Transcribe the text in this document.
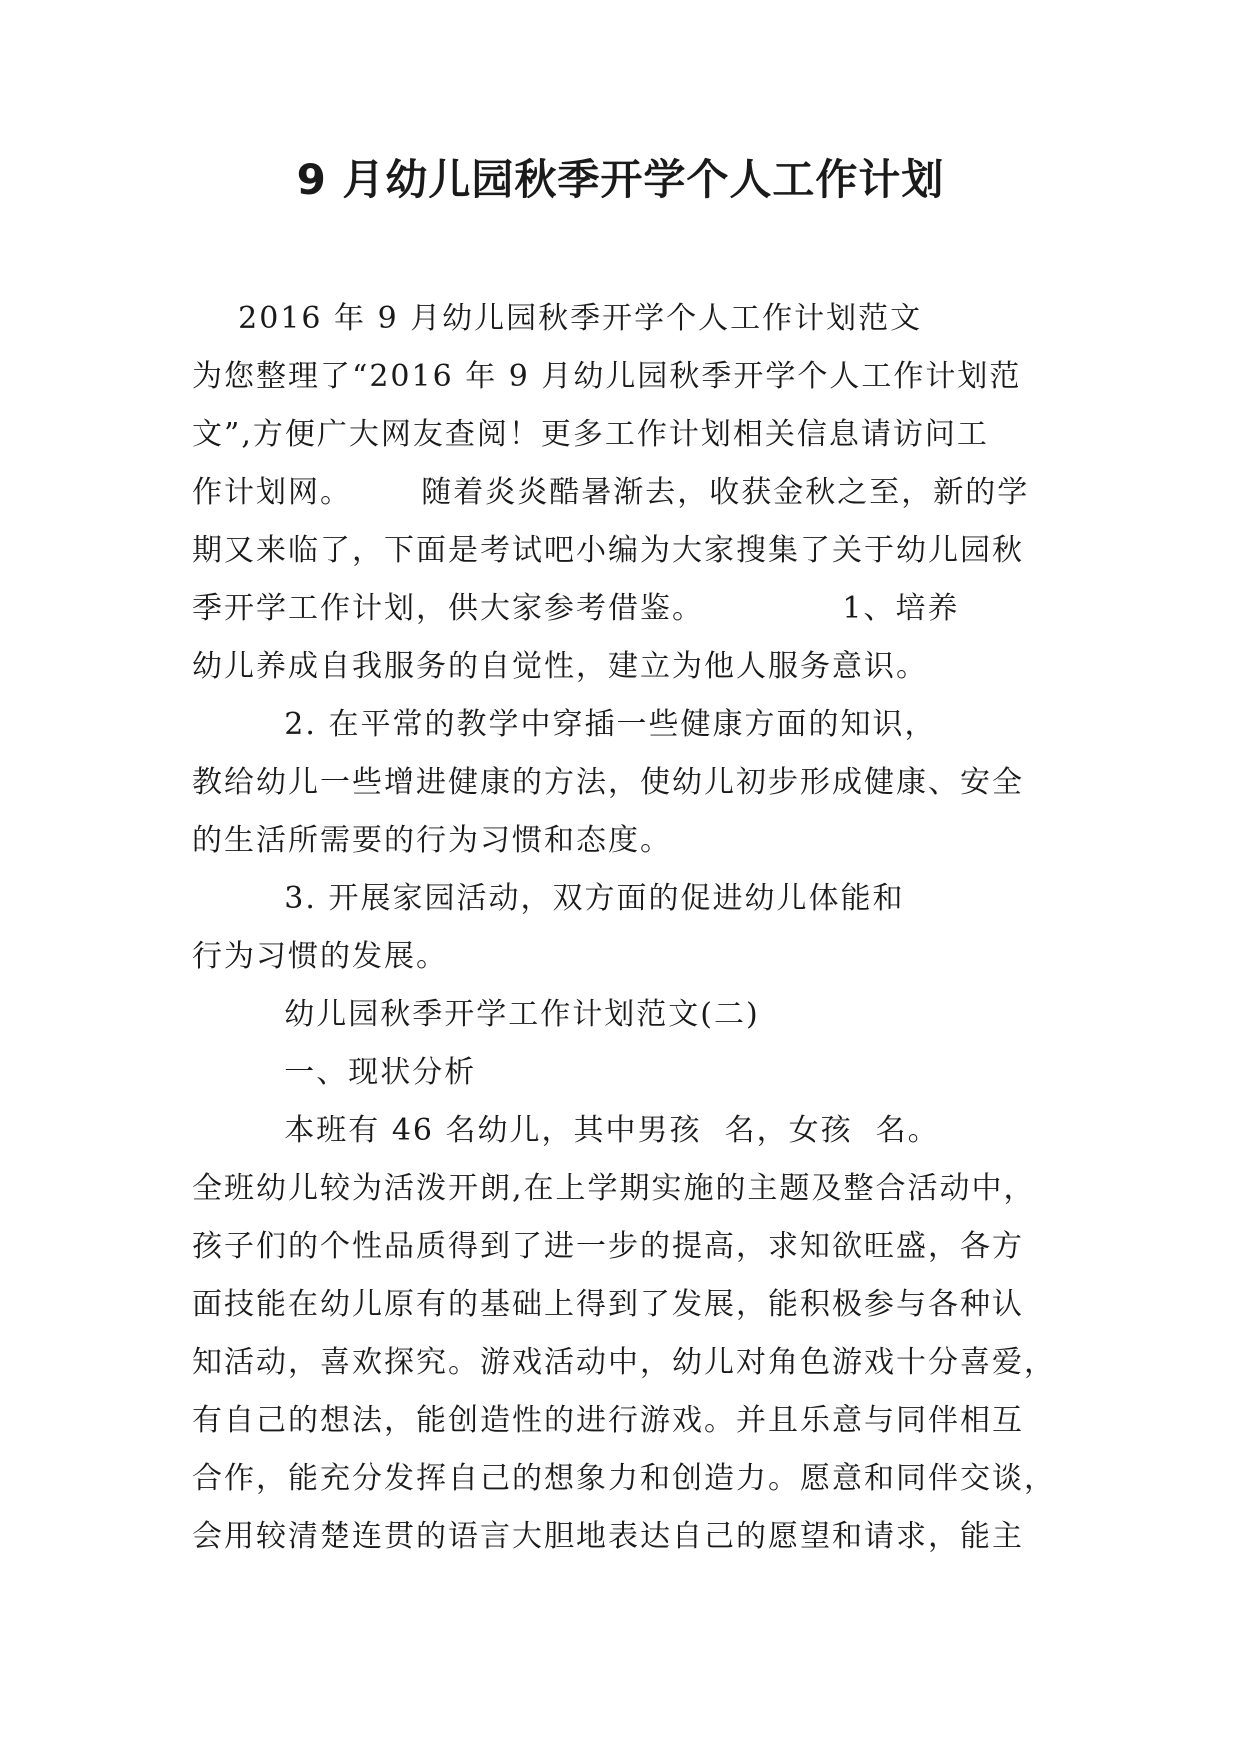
9 月幼儿园秋季开学个人工作计划
2016 年 9 月幼儿园秋季开学个人工作计划范文
为您整理了“2016 年 9 月幼儿园秋季开学个人工作计划范
文”,方便广大网友查阅！更多工作计划相关信息请访问工
作计划网。      随着炎炎酷暑渐去，收获金秋之至，新的学
期又来临了，下面是考试吧小编为大家搜集了关于幼儿园秋
季开学工作计划，供大家参考借鉴。            1、培养
幼儿养成自我服务的自觉性，建立为他人服务意识。
2. 在平常的教学中穿插一些健康方面的知识，
教给幼儿一些增进健康的方法，使幼儿初步形成健康、安全
的生活所需要的行为习惯和态度。
3. 开展家园活动，双方面的促进幼儿体能和
行为习惯的发展。
幼儿园秋季开学工作计划范文(二)
一、现状分析
本班有 46 名幼儿，其中男孩  名，女孩  名。
全班幼儿较为活泼开朗,在上学期实施的主题及整合活动中，
孩子们的个性品质得到了进一步的提高，求知欲旺盛，各方
面技能在幼儿原有的基础上得到了发展，能积极参与各种认
知活动，喜欢探究。游戏活动中，幼儿对角色游戏十分喜爱，
有自己的想法，能创造性的进行游戏。并且乐意与同伴相互
合作，能充分发挥自己的想象力和创造力。愿意和同伴交谈，
会用较清楚连贯的语言大胆地表达自己的愿望和请求，能主
